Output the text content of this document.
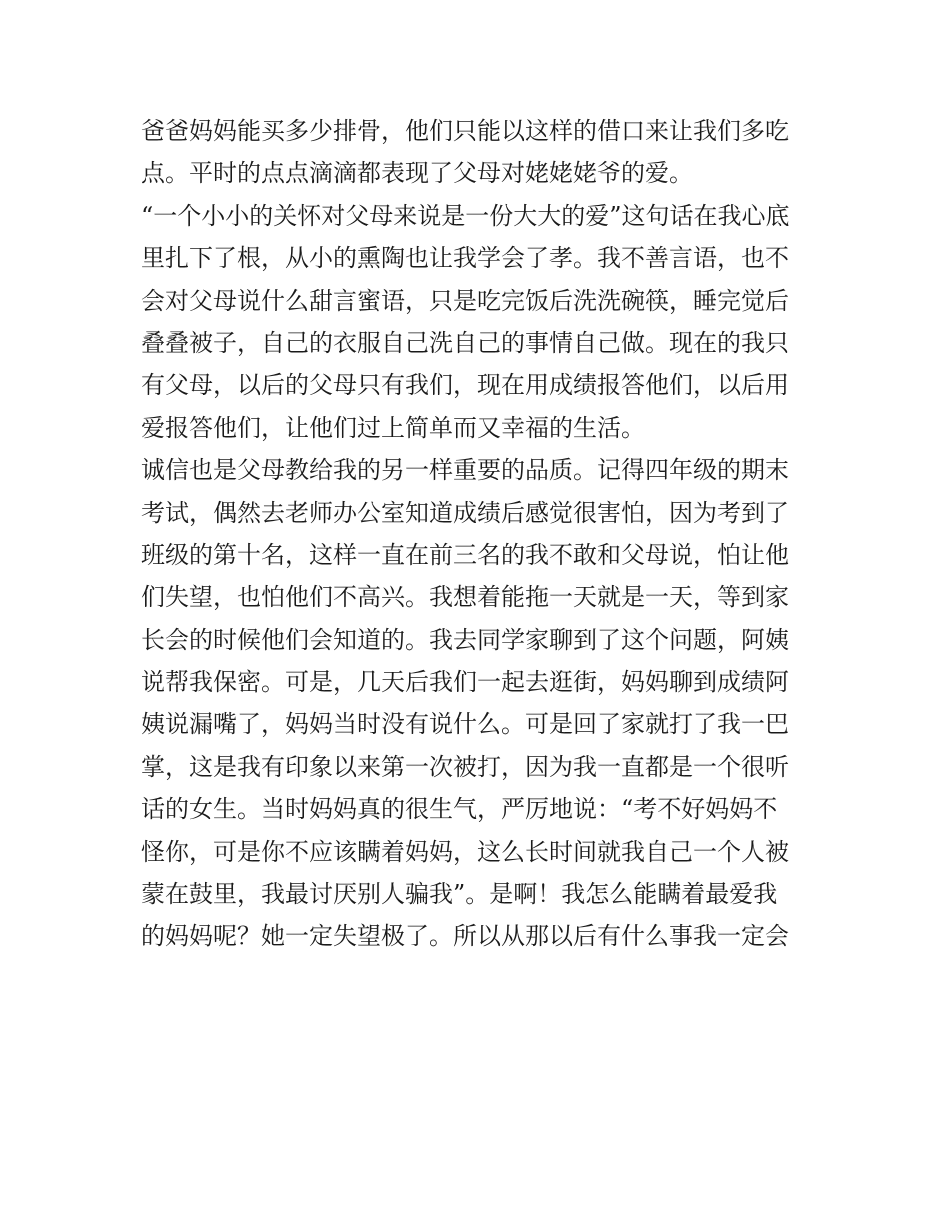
爸爸妈妈能买多少排骨，他们只能以这样的借口来让我们多吃
点。平时的点点滴滴都表现了父母对姥姥姥爷的爱。
“一个小小的关怀对父母来说是一份大大的爱”这句话在我心底
里扎下了根，从小的熏陶也让我学会了孝。我不善言语，也不
会对父母说什么甜言蜜语，只是吃完饭后洗洗碗筷，睡完觉后
叠叠被子，自己的衣服自己洗自己的事情自己做。现在的我只
有父母，以后的父母只有我们，现在用成绩报答他们，以后用
爱报答他们，让他们过上简单而又幸福的生活。
诚信也是父母教给我的另一样重要的品质。记得四年级的期末
考试，偶然去老师办公室知道成绩后感觉很害怕，因为考到了
班级的第十名，这样一直在前三名的我不敢和父母说，怕让他
们失望，也怕他们不高兴。我想着能拖一天就是一天，等到家
长会的时候他们会知道的。我去同学家聊到了这个问题，阿姨
说帮我保密。可是，几天后我们一起去逛街，妈妈聊到成绩阿
姨说漏嘴了，妈妈当时没有说什么。可是回了家就打了我一巴
掌，这是我有印象以来第一次被打，因为我一直都是一个很听
话的女生。当时妈妈真的很生气，严厉地说：“考不好妈妈不
怪你，可是你不应该瞒着妈妈，这么长时间就我自己一个人被
蒙在鼓里，我最讨厌别人骗我”。是啊！我怎么能瞒着最爱我
的妈妈呢？她一定失望极了。所以从那以后有什么事我一定会
